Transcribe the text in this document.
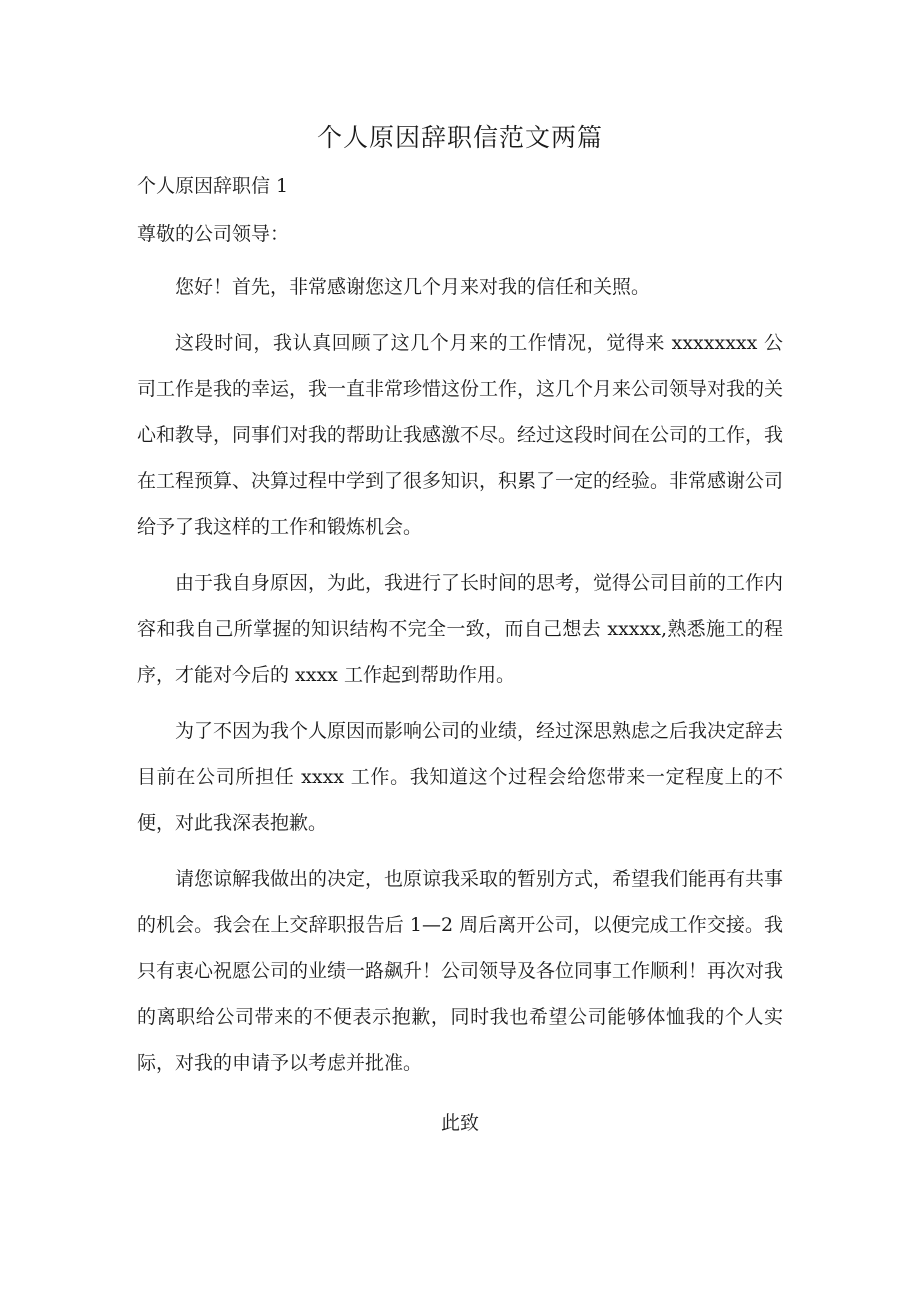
个人原因辞职信范文两篇
个人原因辞职信 1

尊敬的公司领导：

您好！首先，非常感谢您这几个月来对我的信任和关照。

这段时间，我认真回顾了这几个月来的工作情况，觉得来 xxxxxxxx 公司工作是我的幸运，我一直非常珍惜这份工作，这几个月来公司领导对我的关心和教导，同事们对我的帮助让我感激不尽。经过这段时间在公司的工作，我在工程预算、决算过程中学到了很多知识，积累了一定的经验。非常感谢公司给予了我这样的工作和锻炼机会。

由于我自身原因，为此，我进行了长时间的思考，觉得公司目前的工作内容和我自己所掌握的知识结构不完全一致，而自己想去 xxxxx,熟悉施工的程序，才能对今后的 xxxx 工作起到帮助作用。

为了不因为我个人原因而影响公司的业绩，经过深思熟虑之后我决定辞去目前在公司所担任 xxxx 工作。我知道这个过程会给您带来一定程度上的不便，对此我深表抱歉。

请您谅解我做出的决定，也原谅我采取的暂别方式，希望我们能再有共事的机会。我会在上交辞职报告后 1—2 周后离开公司，以便完成工作交接。我只有衷心祝愿公司的业绩一路飙升！公司领导及各位同事工作顺利！再次对我的离职给公司带来的不便表示抱歉，同时我也希望公司能够体恤我的个人实际，对我的申请予以考虑并批准。

此致
